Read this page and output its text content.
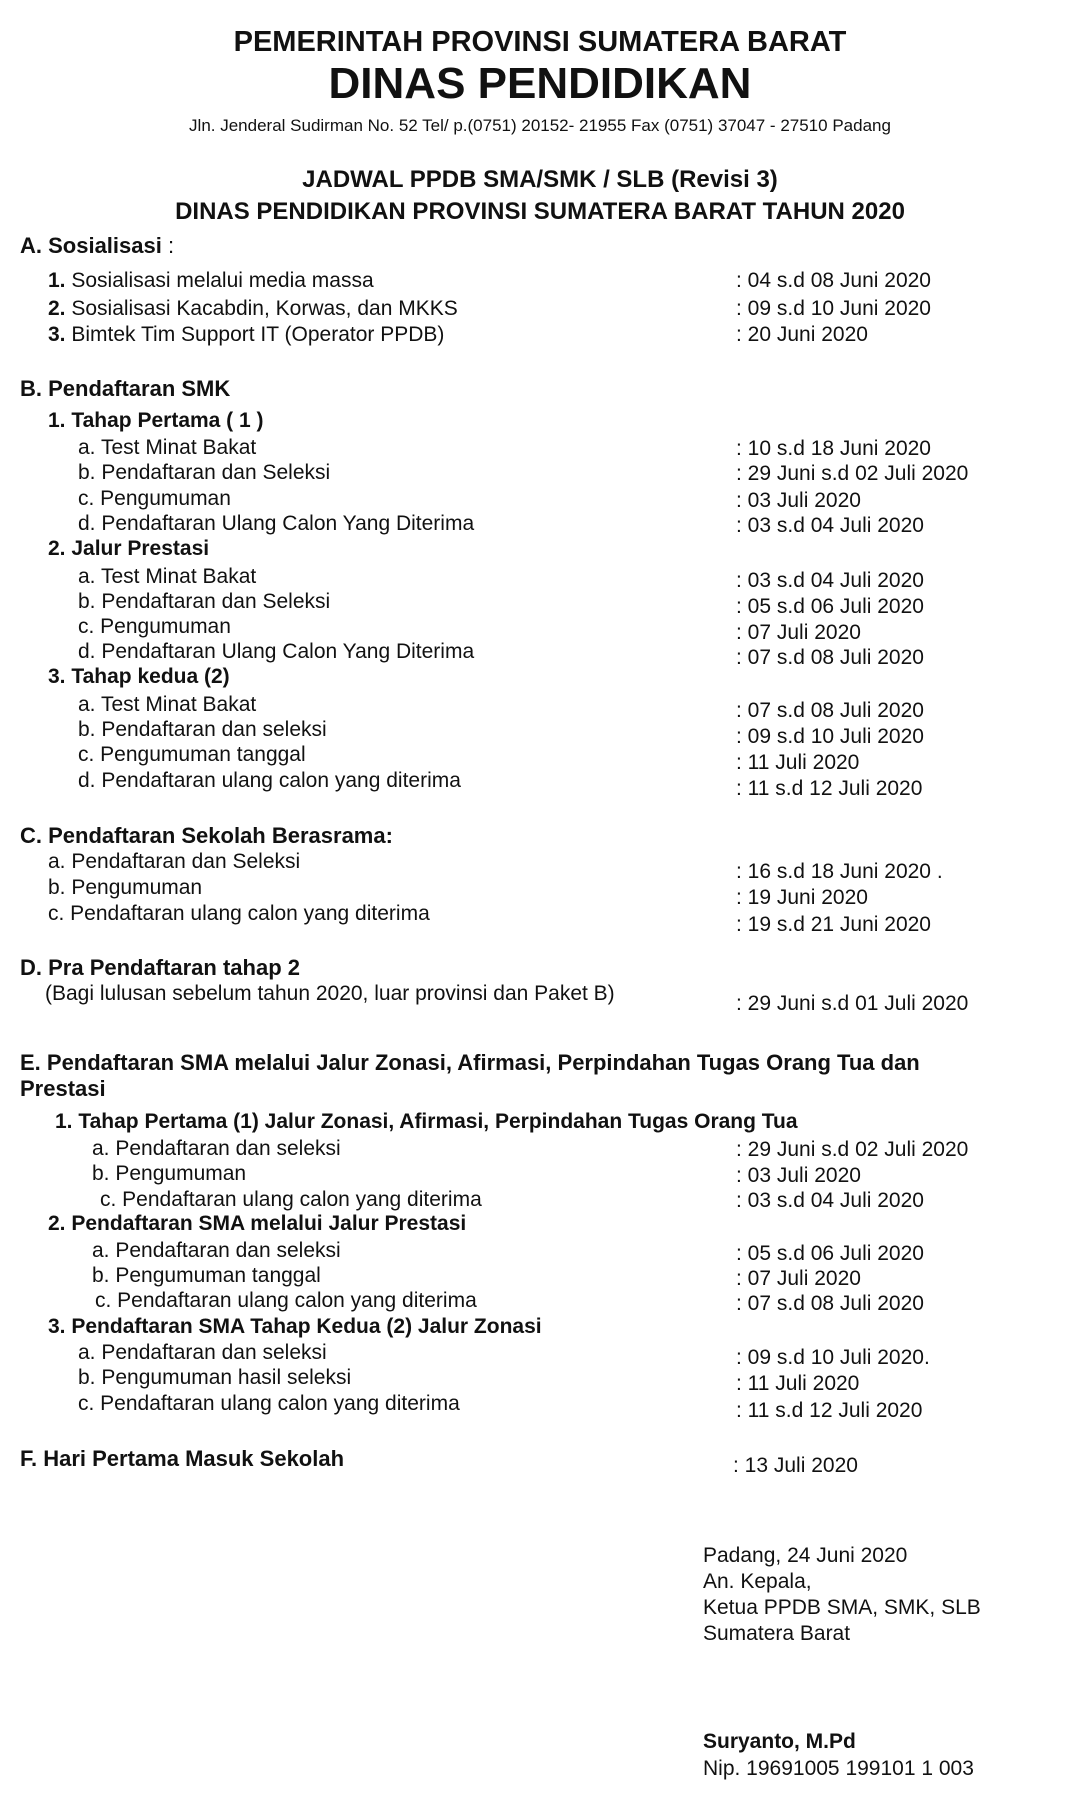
PEMERINTAH PROVINSI SUMATERA BARAT
DINAS PENDIDIKAN
Jln. Jenderal Sudirman No. 52 Tel/ p.(0751) 20152- 21955 Fax (0751) 37047 - 27510 Padang
JADWAL PPDB SMA/SMK / SLB (Revisi 3)
DINAS PENDIDIKAN PROVINSI SUMATERA BARAT TAHUN 2020
A. Sosialisasi :
1. Sosialisasi melalui media massa	: 04 s.d 08 Juni 2020
2. Sosialisasi Kacabdin, Korwas, dan MKKS	: 09 s.d 10 Juni 2020
3. Bimtek Tim Support IT (Operator PPDB)	: 20 Juni 2020
B. Pendaftaran SMK
1. Tahap Pertama ( 1 )
a. Test Minat Bakat	: 10 s.d 18 Juni 2020
b. Pendaftaran dan Seleksi	: 29 Juni s.d 02 Juli 2020
c. Pengumuman	: 03 Juli 2020
d. Pendaftaran Ulang Calon Yang Diterima	: 03 s.d 04 Juli 2020
2. Jalur Prestasi
a. Test Minat Bakat	: 03 s.d 04 Juli 2020
b. Pendaftaran dan Seleksi	: 05 s.d 06 Juli 2020
c. Pengumuman	: 07 Juli 2020
d. Pendaftaran Ulang Calon Yang Diterima	: 07 s.d 08 Juli 2020
3. Tahap kedua (2)
a. Test Minat Bakat	: 07 s.d 08 Juli 2020
b. Pendaftaran dan seleksi	: 09 s.d 10 Juli 2020
c. Pengumuman tanggal	: 11 Juli 2020
d. Pendaftaran ulang calon yang diterima	: 11 s.d 12 Juli 2020
C. Pendaftaran Sekolah Berasrama:
a. Pendaftaran dan Seleksi	: 16 s.d 18 Juni 2020 .
b. Pengumuman	: 19 Juni 2020
c. Pendaftaran ulang calon yang diterima	: 19 s.d 21 Juni 2020
D. Pra Pendaftaran tahap 2
(Bagi lulusan sebelum tahun 2020, luar provinsi dan Paket B)	: 29 Juni s.d 01 Juli 2020
E. Pendaftaran SMA melalui Jalur Zonasi, Afirmasi, Perpindahan Tugas Orang Tua dan
Prestasi
1. Tahap Pertama (1) Jalur Zonasi, Afirmasi, Perpindahan Tugas Orang Tua
a. Pendaftaran dan seleksi	: 29 Juni s.d 02 Juli 2020
b. Pengumuman	: 03 Juli 2020
c. Pendaftaran ulang calon yang diterima	: 03 s.d 04 Juli 2020
2. Pendaftaran SMA melalui Jalur Prestasi
a. Pendaftaran dan seleksi	: 05 s.d 06 Juli 2020
b. Pengumuman tanggal	: 07 Juli 2020
c. Pendaftaran ulang calon yang diterima	: 07 s.d 08 Juli 2020
3. Pendaftaran SMA Tahap Kedua (2) Jalur Zonasi
a. Pendaftaran dan seleksi	: 09 s.d 10 Juli 2020.
b. Pengumuman hasil seleksi	: 11 Juli 2020
c. Pendaftaran ulang calon yang diterima	: 11 s.d 12 Juli 2020
F. Hari Pertama Masuk Sekolah	: 13 Juli 2020
Padang, 24 Juni 2020
An. Kepala,
Ketua PPDB SMA, SMK, SLB
Sumatera Barat
Suryanto, M.Pd
Nip. 19691005 199101 1 003
